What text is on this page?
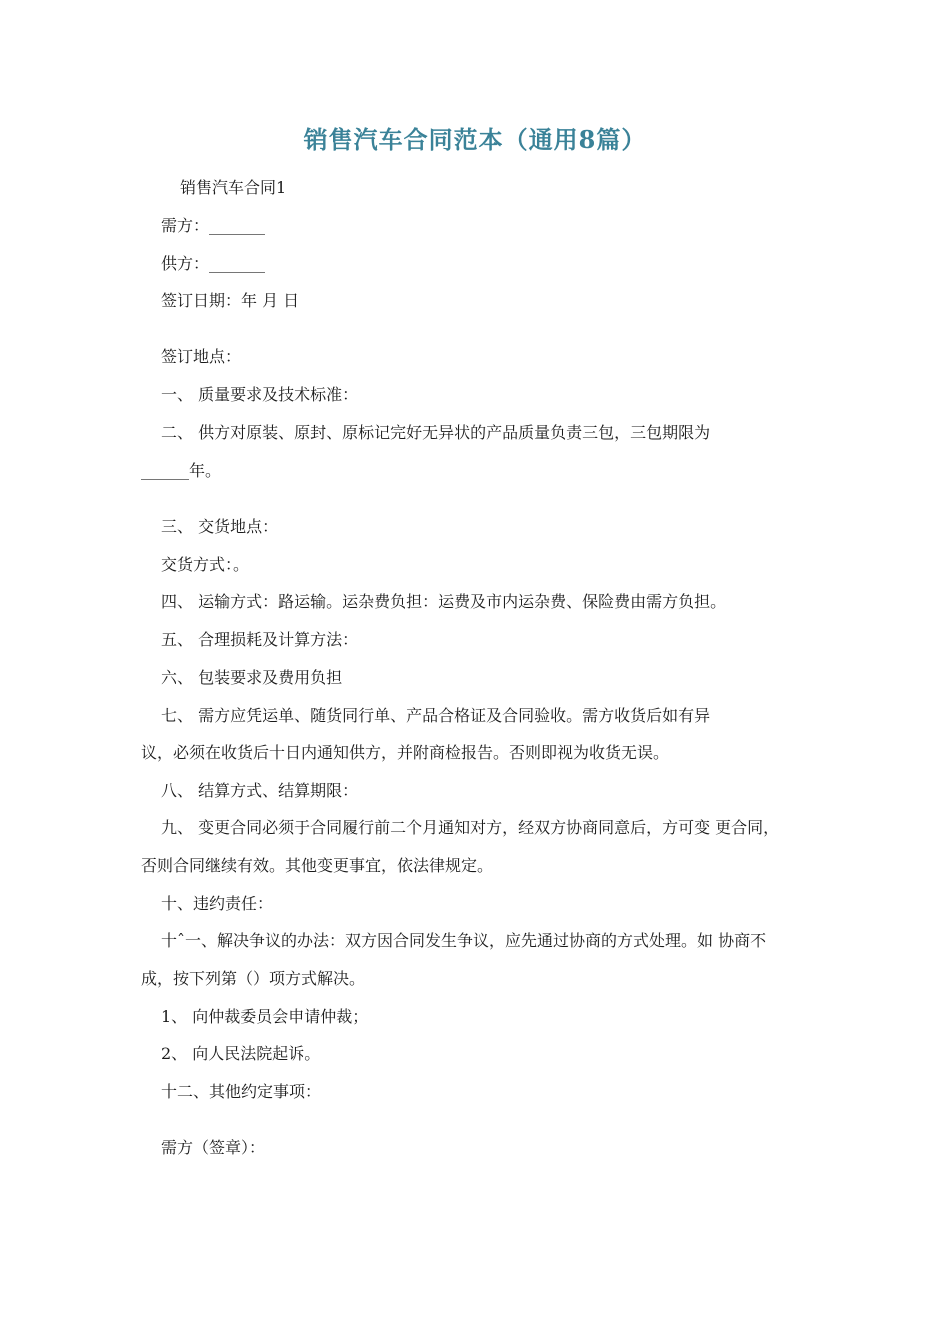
销售汽车合同范本（通用8篇）
销售汽车合同1
需方：_______
供方：_______
签订日期：年 月 日
签订地点：
一、 质量要求及技术标准：
二、 供方对原装、原封、原标记完好无异状的产品质量负责三包，三包期限为
______年。
三、 交货地点：
交货方式：。
四、 运输方式：路运输。运杂费负担：运费及市内运杂费、保险费由需方负担。
五、 合理损耗及计算方法：
六、 包装要求及费用负担
七、 需方应凭运单、随货同行单、产品合格证及合同验收。需方收货后如有异
议，必须在收货后十日内通知供方，并附商检报告。否则即视为收货无误。
八、 结算方式、结算期限：
九、 变更合同必须于合同履行前二个月通知对方，经双方协商同意后，方可变 更合同，
否则合同继续有效。其他变更事宜，依法律规定。
十、违约责任：
十ˆ一、解决争议的办法：双方因合同发生争议，应先通过协商的方式处理。如 协商不
成，按下列第（）项方式解决。
1、 向仲裁委员会申请仲裁；
2、 向人民法院起诉。
十二、其他约定事项：
需方（签章）：
